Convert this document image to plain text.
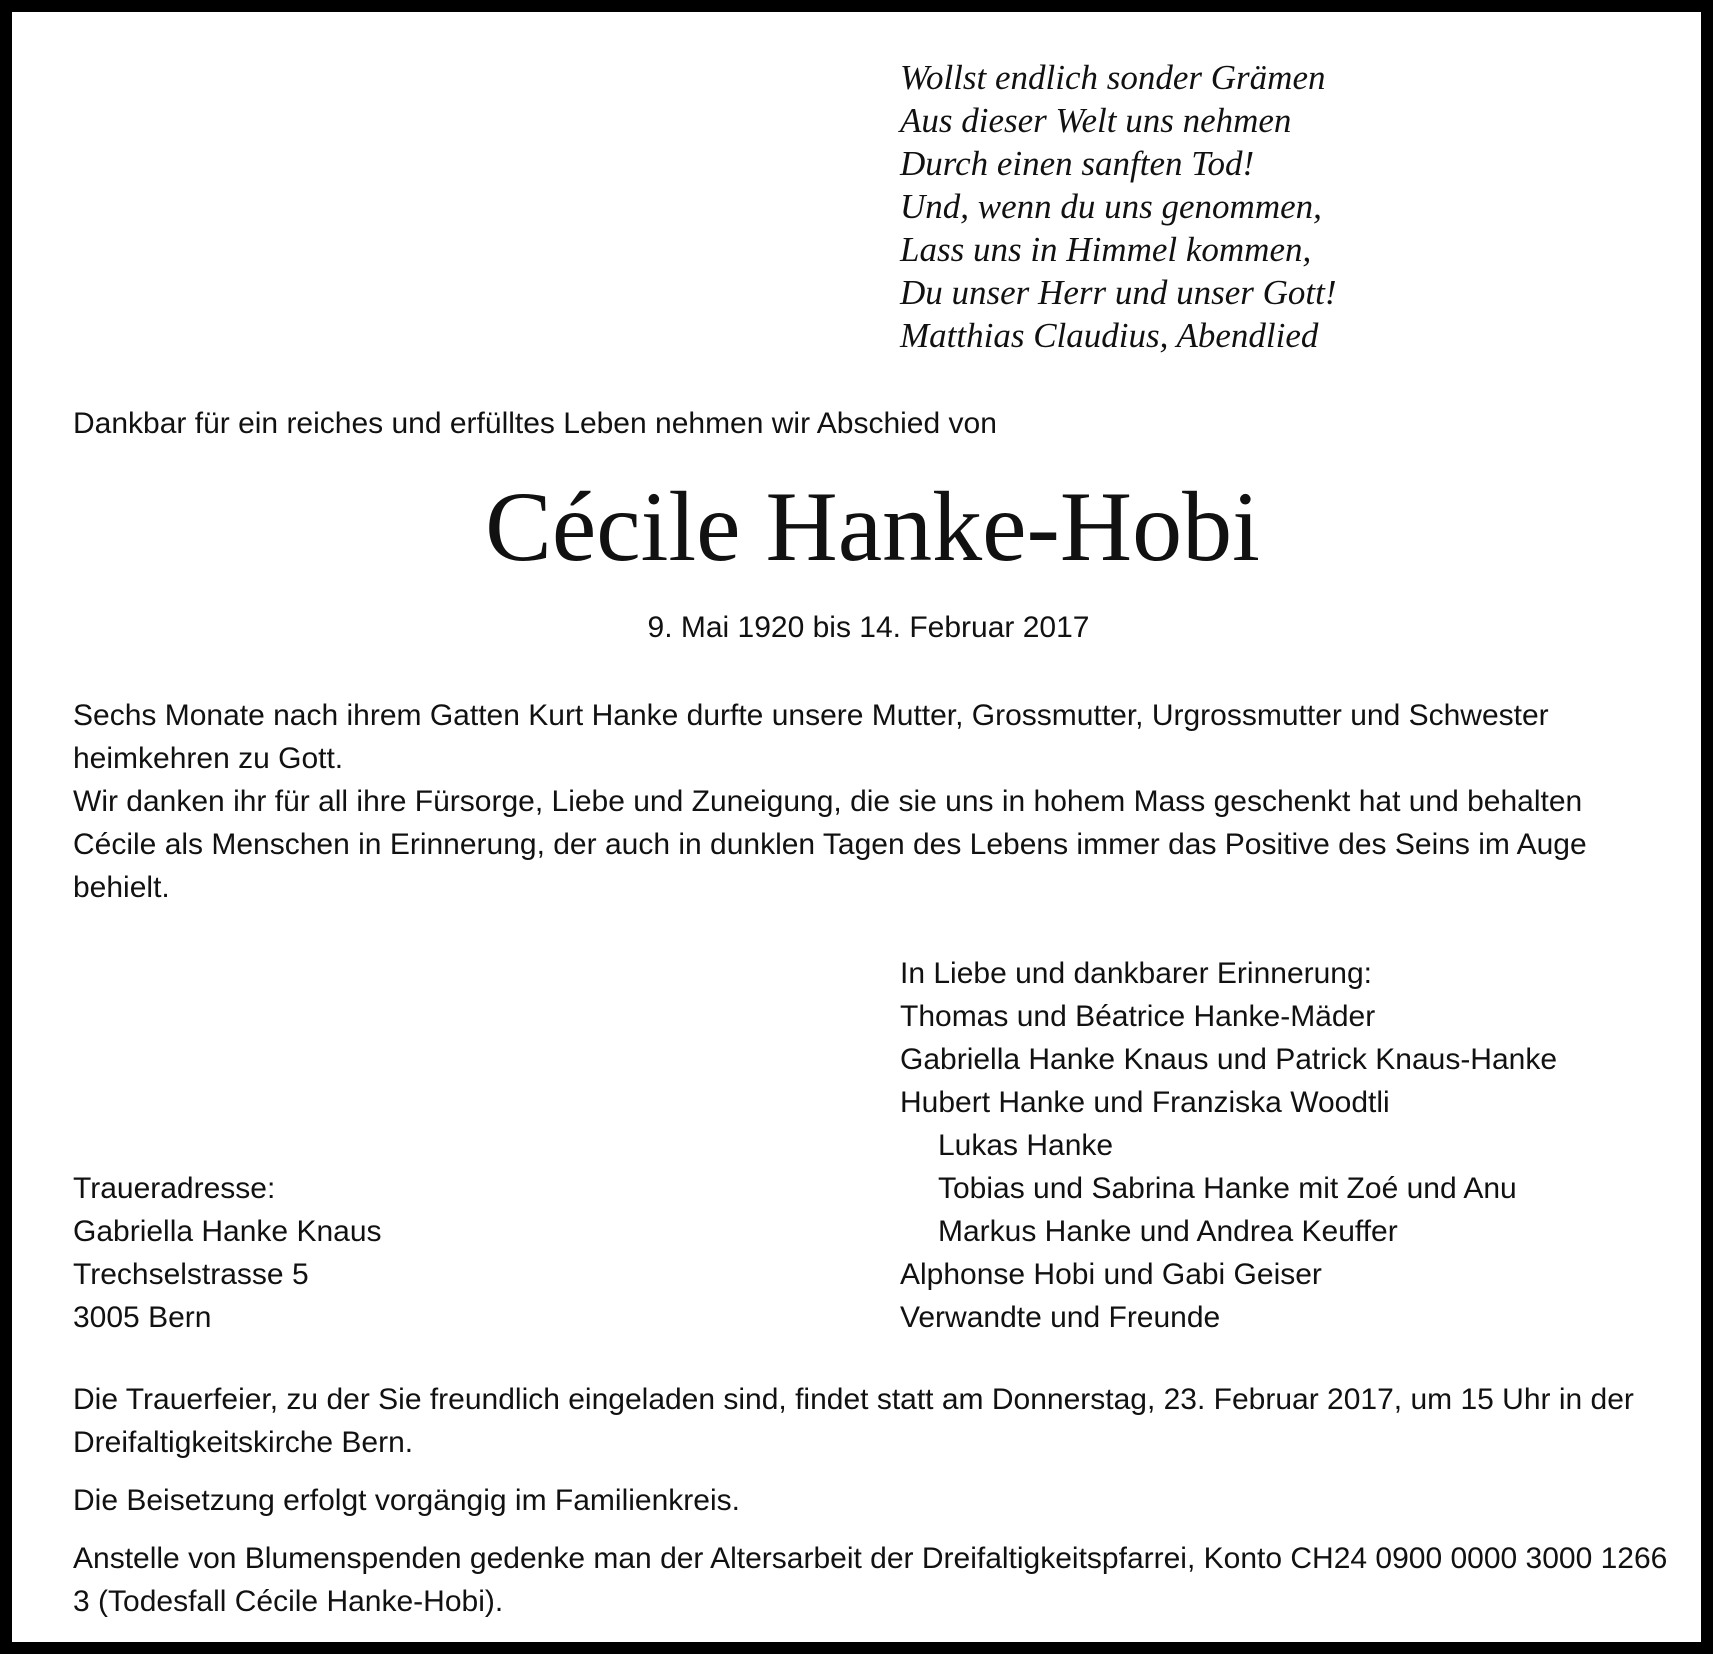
Wollst endlich sonder Grämen
Aus dieser Welt uns nehmen
Durch einen sanften Tod!
Und, wenn du uns genommen,
Lass uns in Himmel kommen,
Du unser Herr und unser Gott!
Matthias Claudius, Abendlied
Dankbar für ein reiches und erfülltes Leben nehmen wir Abschied von
Cécile Hanke-Hobi
9. Mai 1920 bis 14. Februar 2017

Sechs Monate nach ihrem Gatten Kurt Hanke durfte unsere Mutter, Grossmutter, Urgrossmutter und Schwester heimkehren zu Gott.

Wir danken ihr für all ihre Fürsorge, Liebe und Zuneigung, die sie uns in hohem Mass geschenkt hat und behalten Cécile als Menschen in Erinnerung, der auch in dunklen Tagen des Lebens immer das Positive des Seins im Auge behielt.

In Liebe und dankbarer Erinnerung:
Thomas und Béatrice Hanke-Mäder
Gabriella Hanke Knaus und Patrick Knaus-Hanke
Hubert Hanke und Franziska Woodtli
Lukas Hanke
Tobias und Sabrina Hanke mit Zoé und Anu
Markus Hanke und Andrea Keuffer
Alphonse Hobi und Gabi Geiser
Verwandte und Freunde
Traueradresse:
Gabriella Hanke Knaus
Trechselstrasse 5
3005 Bern

Die Trauerfeier, zu der Sie freundlich eingeladen sind, findet statt am Donnerstag, 23. Februar 2017, um 15 Uhr in der Dreifaltigkeitskirche Bern.

Die Beisetzung erfolgt vorgängig im Familienkreis.

Anstelle von Blumenspenden gedenke man der Altersarbeit der Dreifaltigkeitspfarrei, Konto CH24 0900 0000 3000 1266 3 (Todesfall Cécile Hanke-Hobi).
